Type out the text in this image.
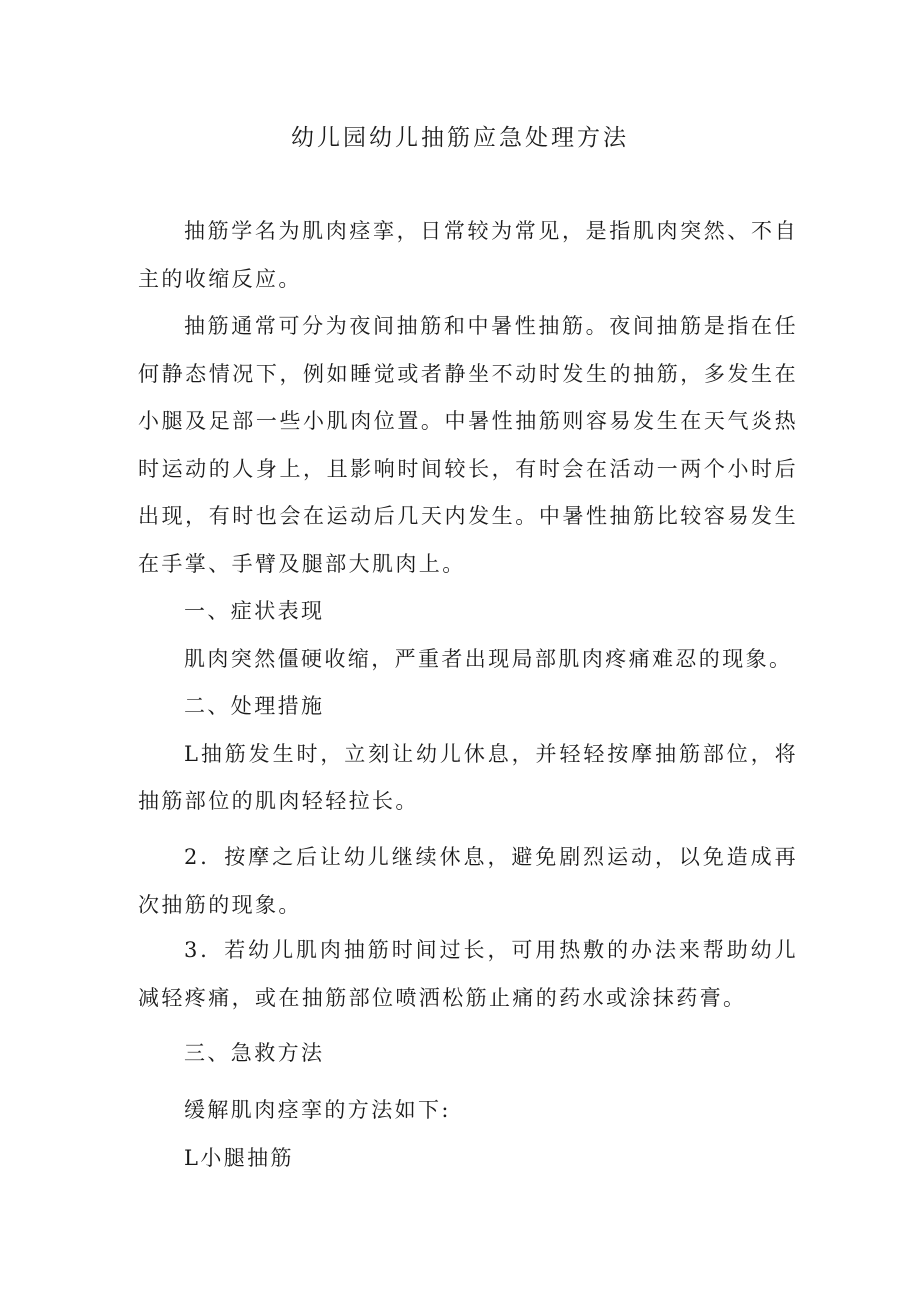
幼儿园幼儿抽筋应急处理方法

抽筋学名为肌肉痉挛，日常较为常见，是指肌肉突然、不自主的收缩反应。

抽筋通常可分为夜间抽筋和中暑性抽筋。夜间抽筋是指在任何静态情况下，例如睡觉或者静坐不动时发生的抽筋，多发生在小腿及足部一些小肌肉位置。中暑性抽筋则容易发生在天气炎热时运动的人身上，且影响时间较长，有时会在活动一两个小时后出现，有时也会在运动后几天内发生。中暑性抽筋比较容易发生在手掌、手臂及腿部大肌肉上。

一、症状表现

肌肉突然僵硬收缩，严重者出现局部肌肉疼痛难忍的现象。

二、处理措施

L抽筋发生时，立刻让幼儿休息，并轻轻按摩抽筋部位，将抽筋部位的肌肉轻轻拉长。

2．按摩之后让幼儿继续休息，避免剧烈运动，以免造成再次抽筋的现象。

3．若幼儿肌肉抽筋时间过长，可用热敷的办法来帮助幼儿减轻疼痛，或在抽筋部位喷洒松筋止痛的药水或涂抹药膏。

三、急救方法

缓解肌肉痉挛的方法如下:

L小腿抽筋
